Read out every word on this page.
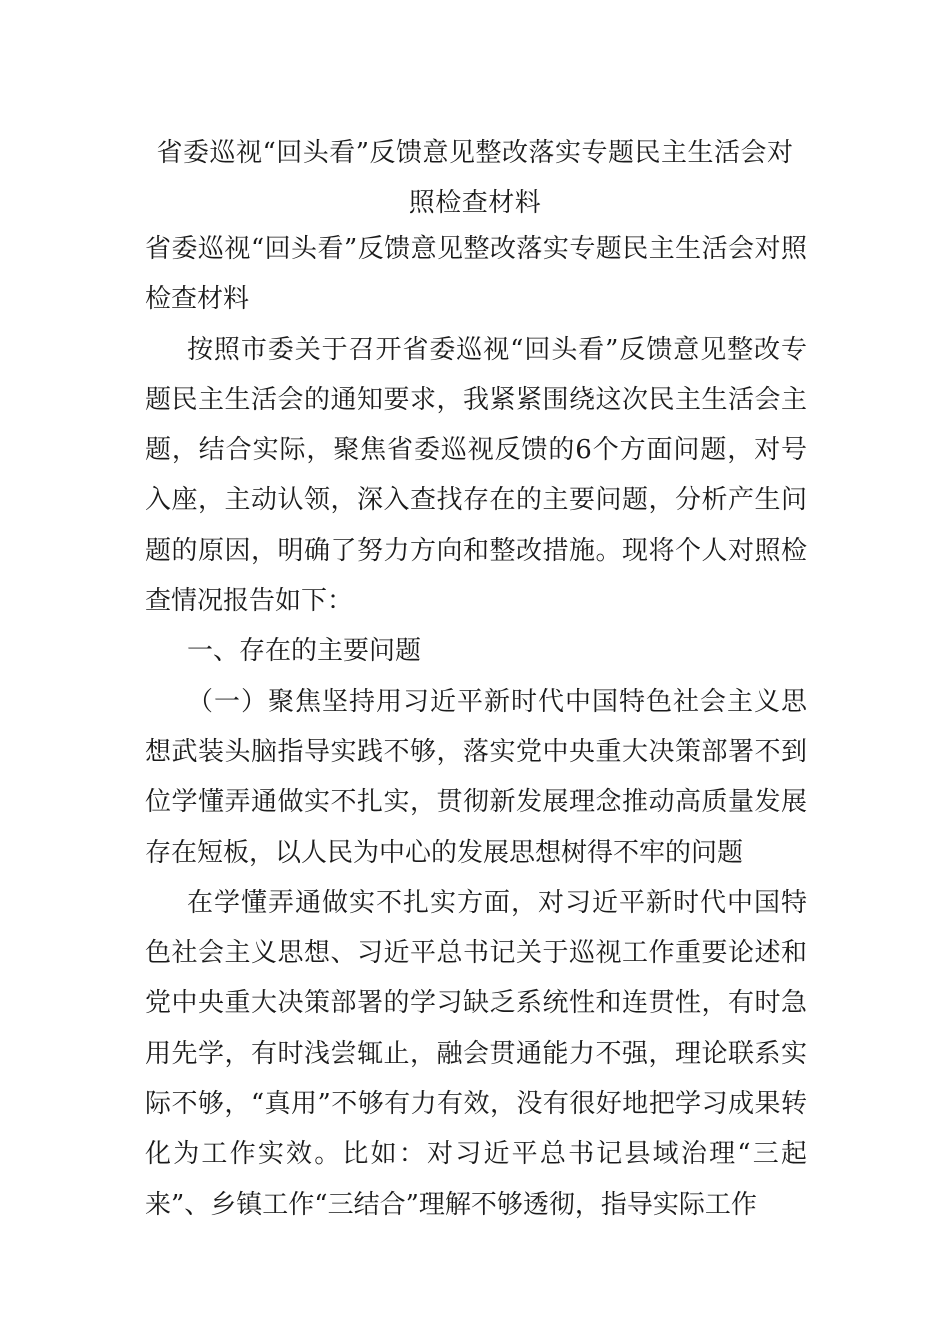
省委巡视“回头看”反馈意见整改落实专题民主生活会对
照检查材料

省委巡视“回头看”反馈意见整改落实专题民主生活会对照检查材料

按照市委关于召开省委巡视“回头看”反馈意见整改专题民主生活会的通知要求，我紧紧围绕这次民主生活会主题，结合实际，聚焦省委巡视反馈的6个方面问题，对号入座，主动认领，深入查找存在的主要问题，分析产生问题的原因，明确了努力方向和整改措施。现将个人对照检查情况报告如下：

一、存在的主要问题

（一）聚焦坚持用习近平新时代中国特色社会主义思想武装头脑指导实践不够，落实党中央重大决策部署不到位学懂弄通做实不扎实，贯彻新发展理念推动高质量发展存在短板，以人民为中心的发展思想树得不牢的问题

在学懂弄通做实不扎实方面，对习近平新时代中国特色社会主义思想、习近平总书记关于巡视工作重要论述和党中央重大决策部署的学习缺乏系统性和连贯性，有时急用先学，有时浅尝辄止，融会贯通能力不强，理论联系实际不够，“真用”不够有力有效，没有很好地把学习成果转化为工作实效。比如：对习近平总书记县域治理“三起来”、乡镇工作“三结合”理解不够透彻，指导实际工作
